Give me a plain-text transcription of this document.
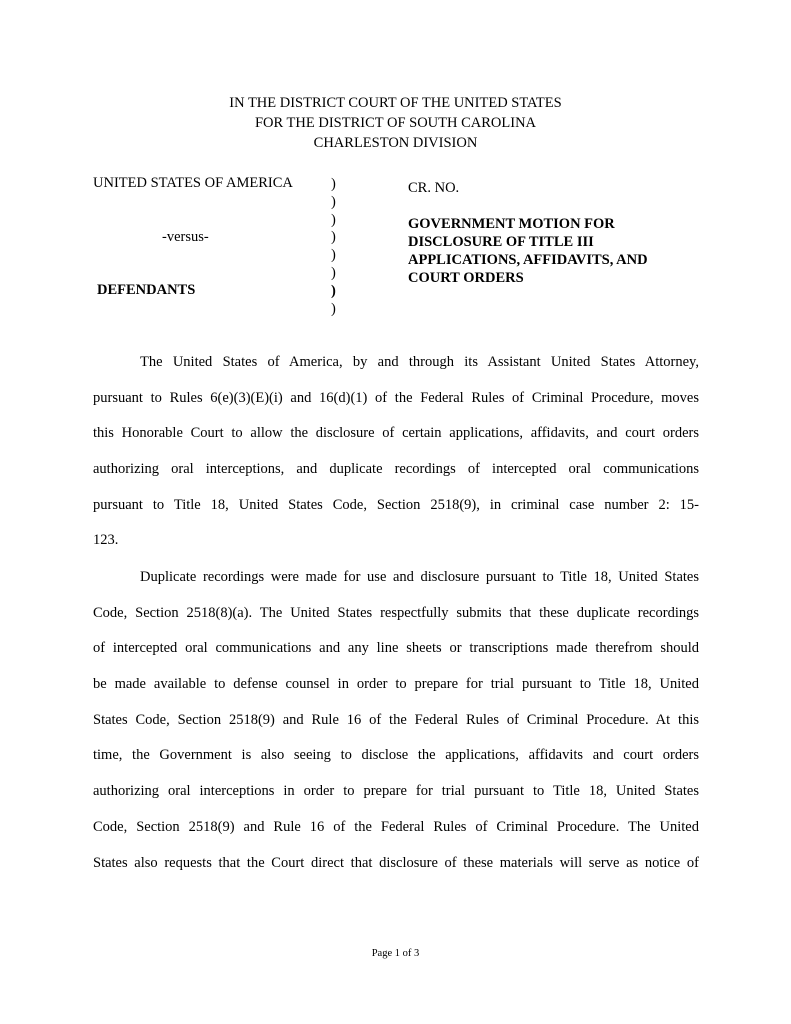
IN THE DISTRICT COURT OF THE UNITED STATES
FOR THE DISTRICT OF SOUTH CAROLINA
CHARLESTON DIVISION
UNITED STATES OF AMERICA
-versus-
DEFENDANTS
)
)
)
)
)
)
)
)
CR. NO.
GOVERNMENT MOTION FOR
DISCLOSURE OF TITLE III
APPLICATIONS, AFFIDAVITS, AND
COURT ORDERS
The United States of America, by and through its Assistant United States Attorney,
pursuant to Rules 6(e)(3)(E)(i) and 16(d)(1) of the Federal Rules of Criminal Procedure, moves
this Honorable Court to allow the disclosure of certain applications, affidavits, and court orders
authorizing oral interceptions, and duplicate recordings of intercepted oral communications
pursuant to Title 18, United States Code, Section 2518(9), in criminal case number 2: 15-
123.
Duplicate recordings were made for use and disclosure pursuant to Title 18, United States
Code, Section 2518(8)(a). The United States respectfully submits that these duplicate recordings
of intercepted oral communications and any line sheets or transcriptions made therefrom should
be made available to defense counsel in order to prepare for trial pursuant to Title 18, United
States Code, Section 2518(9) and Rule 16 of the Federal Rules of Criminal Procedure. At this
time, the Government is also seeing to disclose the applications, affidavits and court orders
authorizing oral interceptions in order to prepare for trial pursuant to Title 18, United States
Code, Section 2518(9) and Rule 16 of the Federal Rules of Criminal Procedure. The United
States also requests that the Court direct that disclosure of these materials will serve as notice of
Page 1 of 3
